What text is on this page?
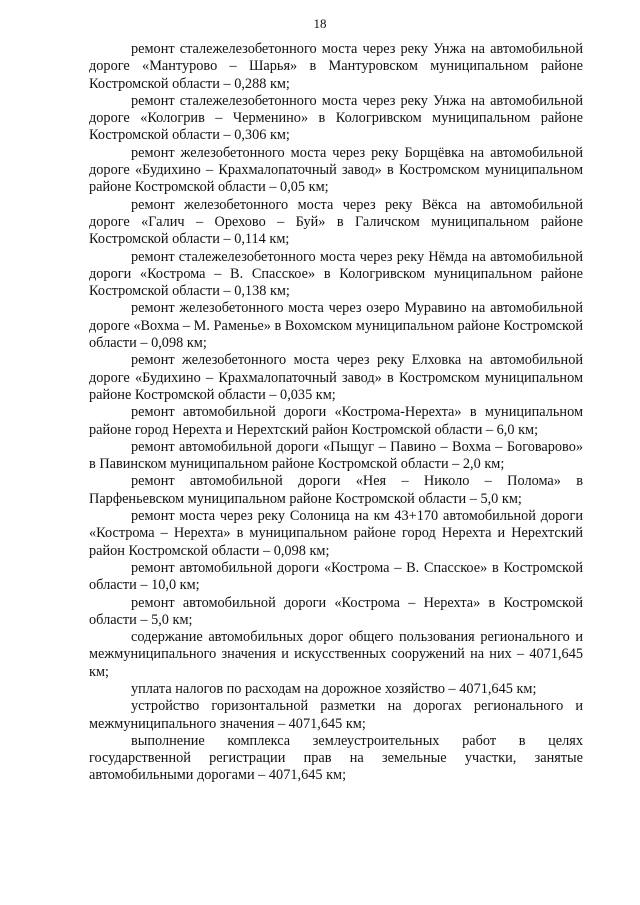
18

ремонт сталежелезобетонного моста через реку Унжа на автомобильной дороге «Мантурово – Шарья» в Мантуровском муниципальном районе Костромской области – 0,288 км;

ремонт сталежелезобетонного моста через реку Унжа на автомобильной дороге «Кологрив – Черменино» в Кологривском муниципальном районе Костромской области – 0,306 км;

ремонт железобетонного моста через реку Борщёвка на автомобильной дороге «Будихино – Крахмалопаточный завод» в Костромском муниципальном районе Костромской области – 0,05 км;

ремонт железобетонного моста через реку Вёкса на автомобильной дороге «Галич – Орехово – Буй» в Галичском муниципальном районе Костромской области – 0,114 км;

ремонт сталежелезобетонного моста через реку Нёмда на автомобильной дороги «Кострома – В. Спасское» в Кологривском муниципальном районе Костромской области – 0,138 км;

ремонт железобетонного моста через озеро Муравино на автомобильной дороге «Вохма – М. Раменье» в Вохомском муниципальном районе Костромской области – 0,098 км;

ремонт железобетонного моста через реку Елховка на автомобильной дороге «Будихино – Крахмалопаточный завод» в Костромском муниципальном районе Костромской области – 0,035 км;

ремонт автомобильной дороги «Кострома-Нерехта» в муниципальном районе город Нерехта и Нерехтский район Костромской области – 6,0 км;

ремонт автомобильной дороги «Пыщуг – Павино – Вохма – Боговарово» в Павинском муниципальном районе Костромской области – 2,0 км;

ремонт автомобильной дороги «Нея – Николо – Полома» в Парфеньевском муниципальном районе Костромской области – 5,0 км;

ремонт моста через реку Солоница на км 43+170 автомобильной дороги «Кострома – Нерехта» в муниципальном районе город Нерехта и Нерехтский район Костромской области – 0,098 км;

ремонт автомобильной дороги «Кострома – В. Спасское» в Костромской области – 10,0 км;

ремонт автомобильной дороги «Кострома – Нерехта» в Костромской области – 5,0 км;

содержание автомобильных дорог общего пользования регионального и межмуниципального значения и искусственных сооружений на них – 4071,645 км;

уплата налогов по расходам на дорожное хозяйство – 4071,645 км;

устройство горизонтальной разметки на дорогах регионального и межмуниципального значения – 4071,645 км;

выполнение комплекса землеустроительных работ в целях государственной регистрации прав на земельные участки, занятые автомобильными дорогами – 4071,645 км;
